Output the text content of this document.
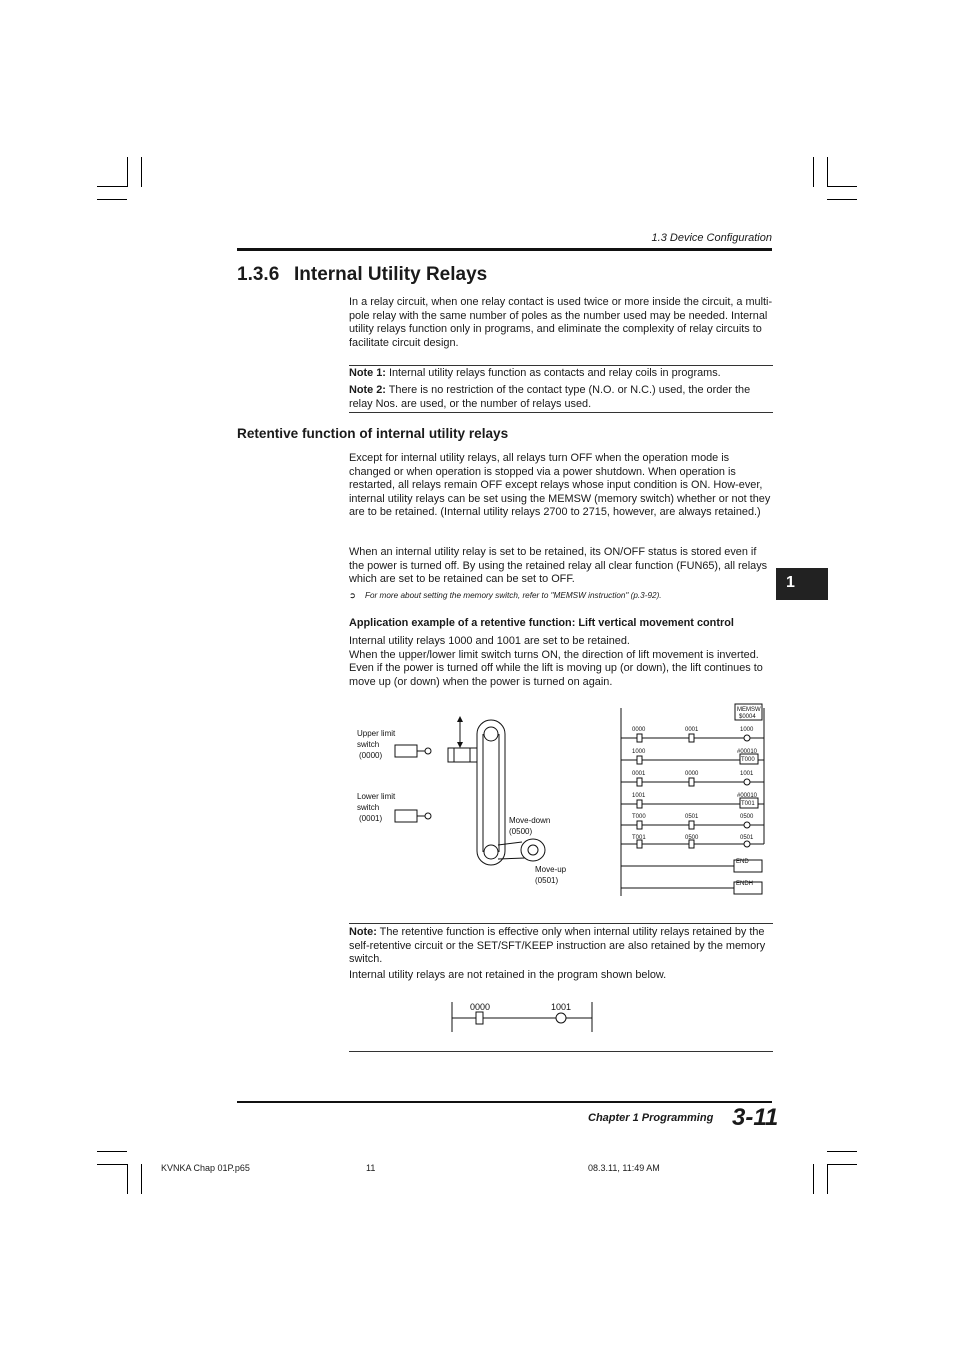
1.3 Device Configuration
1.3.6 Internal Utility Relays

In a relay circuit, when one relay contact is used twice or more inside the circuit, a multi-pole relay with the same number of poles as the number used may be needed. Internal utility relays function only in programs, and eliminate the complexity of relay circuits to facilitate circuit design.

Note 1: Internal utility relays function as contacts and relay coils in programs.

Note 2: There is no restriction of the contact type (N.O. or N.C.) used, the order the relay Nos. are used, or the number of relays used.

Retentive function of internal utility relays

Except for internal utility relays, all relays turn OFF when the operation mode is changed or when operation is stopped via a power shutdown. When operation is restarted, all relays remain OFF except relays whose input condition is ON. How-ever, internal utility relays can be set using the MEMSW (memory switch) whether or not they are to be retained. (Internal utility relays 2700 to 2715, however, are always retained.)

When an internal utility relay is set to be retained, its ON/OFF status is stored even if the power is turned off. By using the retained relay all clear function (FUN65), all relays which are set to be retained can be set to OFF.

➲ For more about setting the memory switch, refer to "MEMSW instruction" (p.3-92).
Application example of a retentive function: Lift vertical movement control

Internal utility relays 1000 and 1001 are set to be retained.
When the upper/lower limit switch turns ON, the direction of lift movement is inverted. Even if the power is turned off while the lift is moving up (or down), the lift continues to move up (or down) when the power is turned on again.

1
Upper limit
switch
(0000)
Lower limit
switch
(0001)	Move-down
(0500)
Move-up
(0501)
MEMSW
$0004
0000	0001	1000
1000	#00010
T000
0001	0000	1001
1001	#00010
T001
T000	0501	0500
T001	0500	0501
END
ENDH

Note: The retentive function is effective only when internal utility relays retained by the self-retentive circuit or the SET/SFT/KEEP instruction are also retained by the memory switch.

Internal utility relays are not retained in the program shown below.

0000	1001
Chapter 1 Programming 3-11
KVNKA Chap 01P.p65	11	08.3.11, 11:49 AM
